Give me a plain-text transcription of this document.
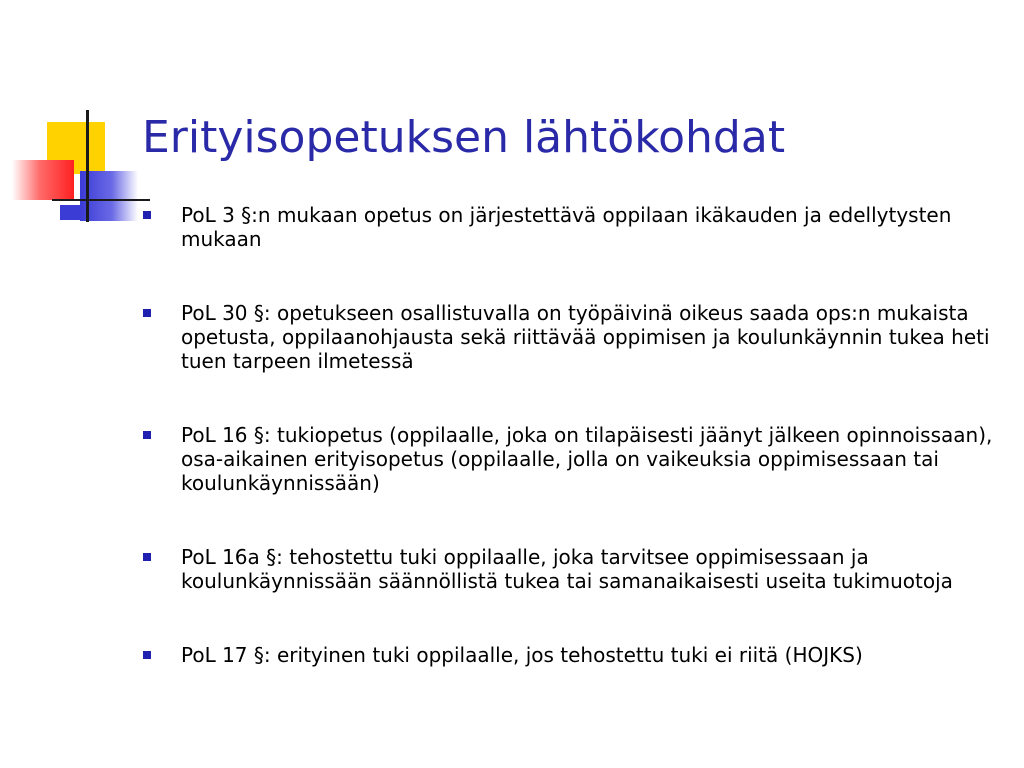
Erityisopetuksen lähtökohdat
PoL 3 §:n mukaan opetus on järjestettävä oppilaan ikäkauden ja edellytysten mukaan
PoL 30 §: opetukseen osallistuvalla on työpäivinä oikeus saada ops:n mukaista opetusta, oppilaanohjausta sekä riittävää oppimisen ja koulunkäynnin tukea heti tuen tarpeen ilmetessä
PoL 16 §: tukiopetus (oppilaalle, joka on tilapäisesti jäänyt jälkeen opinnoissaan), osa-aikainen erityisopetus (oppilaalle, jolla on vaikeuksia oppimisessaan tai koulunkäynnissään)
PoL 16a §: tehostettu tuki oppilaalle, joka tarvitsee oppimisessaan ja koulunkäynnissään säännöllistä tukea tai samanaikaisesti useita tukimuotoja
PoL 17 §: erityinen tuki oppilaalle, jos tehostettu tuki ei riitä (HOJKS)
